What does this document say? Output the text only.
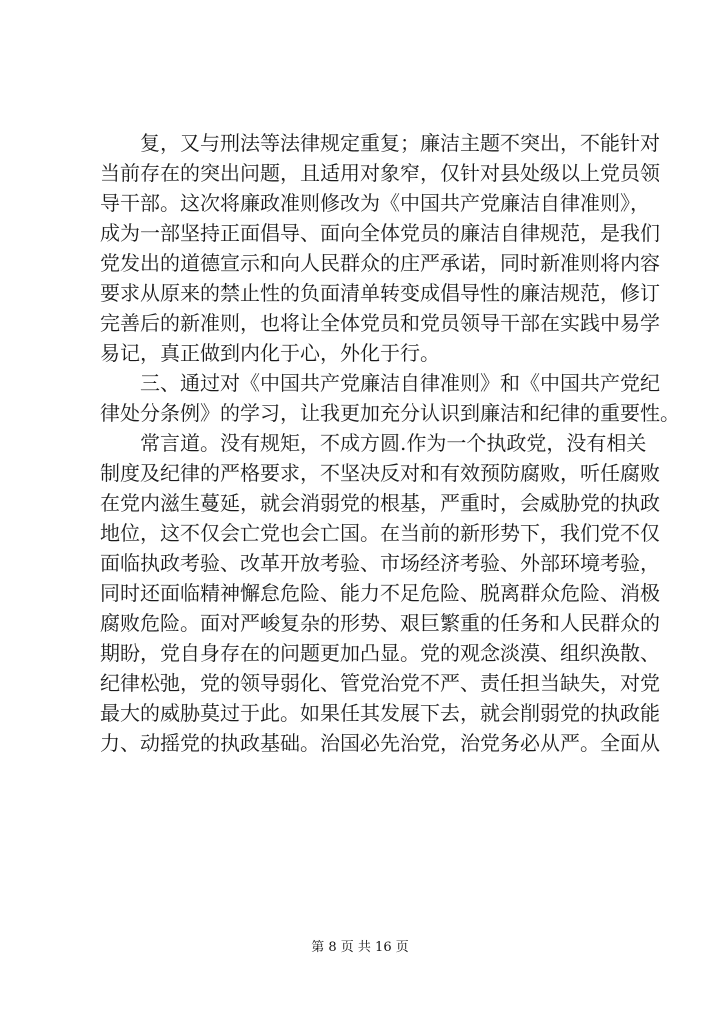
复，又与刑法等法律规定重复；廉洁主题不突出，不能针对
当前存在的突出问题，且适用对象窄，仅针对县处级以上党员领
导干部。这次将廉政准则修改为《中国共产党廉洁自律准则》，
成为一部坚持正面倡导、面向全体党员的廉洁自律规范，是我们
党发出的道德宣示和向人民群众的庄严承诺，同时新准则将内容
要求从原来的禁止性的负面清单转变成倡导性的廉洁规范，修订
完善后的新准则，也将让全体党员和党员领导干部在实践中易学
易记，真正做到内化于心，外化于行。
三、通过对《中国共产党廉洁自律准则》和《中国共产党纪
律处分条例》的学习，让我更加充分认识到廉洁和纪律的重要性。
常言道。没有规矩，不成方圆.作为一个执政党，没有相关
制度及纪律的严格要求，不坚决反对和有效预防腐败，听任腐败
在党内滋生蔓延，就会消弱党的根基，严重时，会威胁党的执政
地位，这不仅会亡党也会亡国。在当前的新形势下，我们党不仅
面临执政考验、改革开放考验、市场经济考验、外部环境考验，
同时还面临精神懈怠危险、能力不足危险、脱离群众危险、消极
腐败危险。面对严峻复杂的形势、艰巨繁重的任务和人民群众的
期盼，党自身存在的问题更加凸显。党的观念淡漠、组织涣散、
纪律松弛，党的领导弱化、管党治党不严、责任担当缺失，对党
最大的威胁莫过于此。如果任其发展下去，就会削弱党的执政能
力、动摇党的执政基础。治国必先治党，治党务必从严。全面从
第 8 页 共 16 页
